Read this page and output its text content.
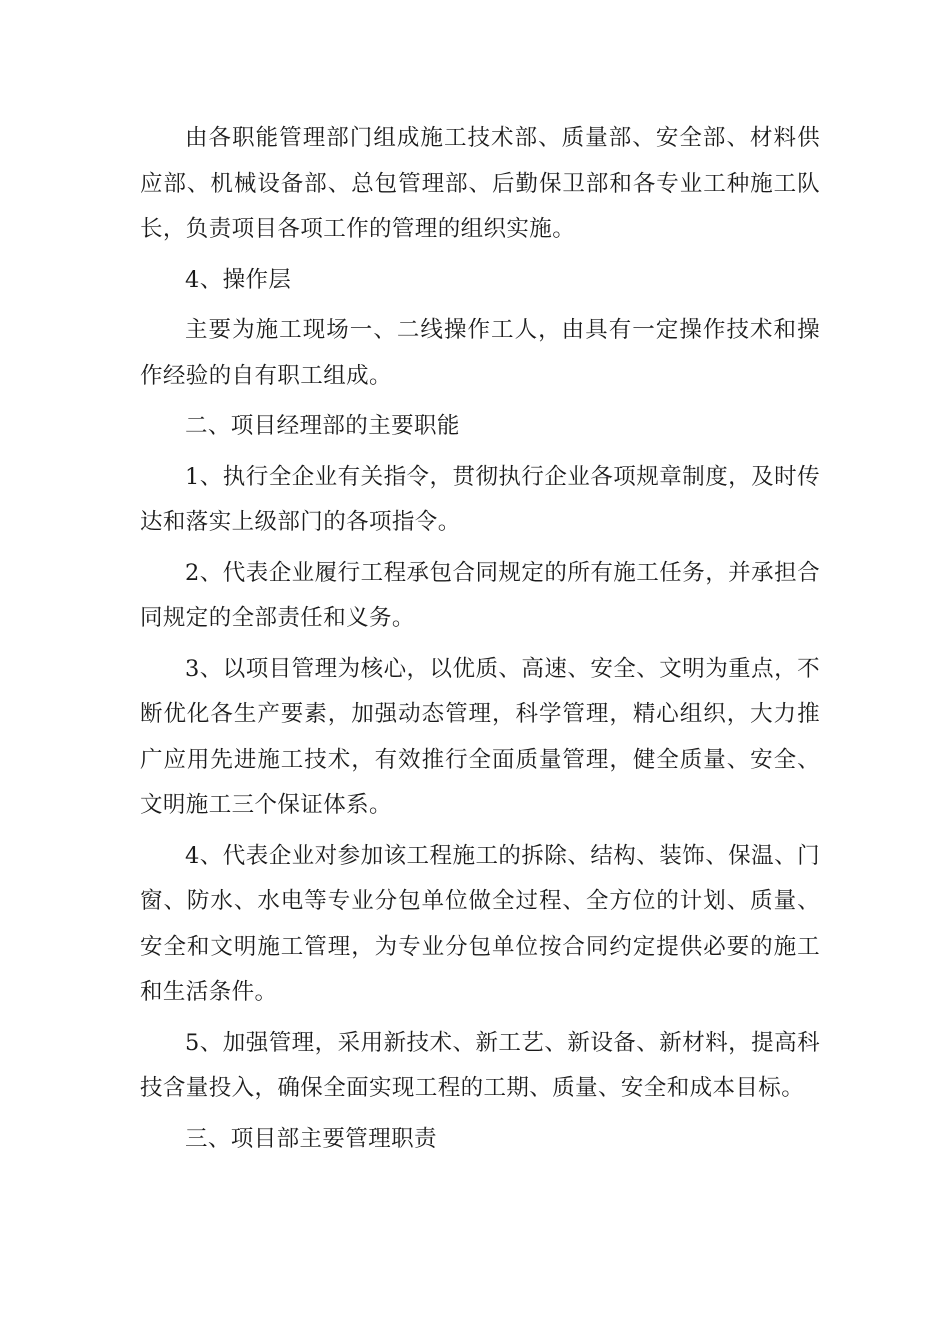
由各职能管理部门组成施工技术部、质量部、安全部、材料供应部、机械设备部、总包管理部、后勤保卫部和各专业工种施工队长，负责项目各项工作的管理的组织实施。

4、操作层

主要为施工现场一、二线操作工人，由具有一定操作技术和操作经验的自有职工组成。

二、项目经理部的主要职能

1、执行全企业有关指令，贯彻执行企业各项规章制度，及时传达和落实上级部门的各项指令。

2、代表企业履行工程承包合同规定的所有施工任务，并承担合同规定的全部责任和义务。

3、以项目管理为核心，以优质、高速、安全、文明为重点，不断优化各生产要素，加强动态管理，科学管理，精心组织，大力推广应用先进施工技术，有效推行全面质量管理，健全质量、安全、文明施工三个保证体系。

4、代表企业对参加该工程施工的拆除、结构、装饰、保温、门窗、防水、水电等专业分包单位做全过程、全方位的计划、质量、安全和文明施工管理，为专业分包单位按合同约定提供必要的施工和生活条件。

5、加强管理，采用新技术、新工艺、新设备、新材料，提高科技含量投入，确保全面实现工程的工期、质量、安全和成本目标。

三、项目部主要管理职责
